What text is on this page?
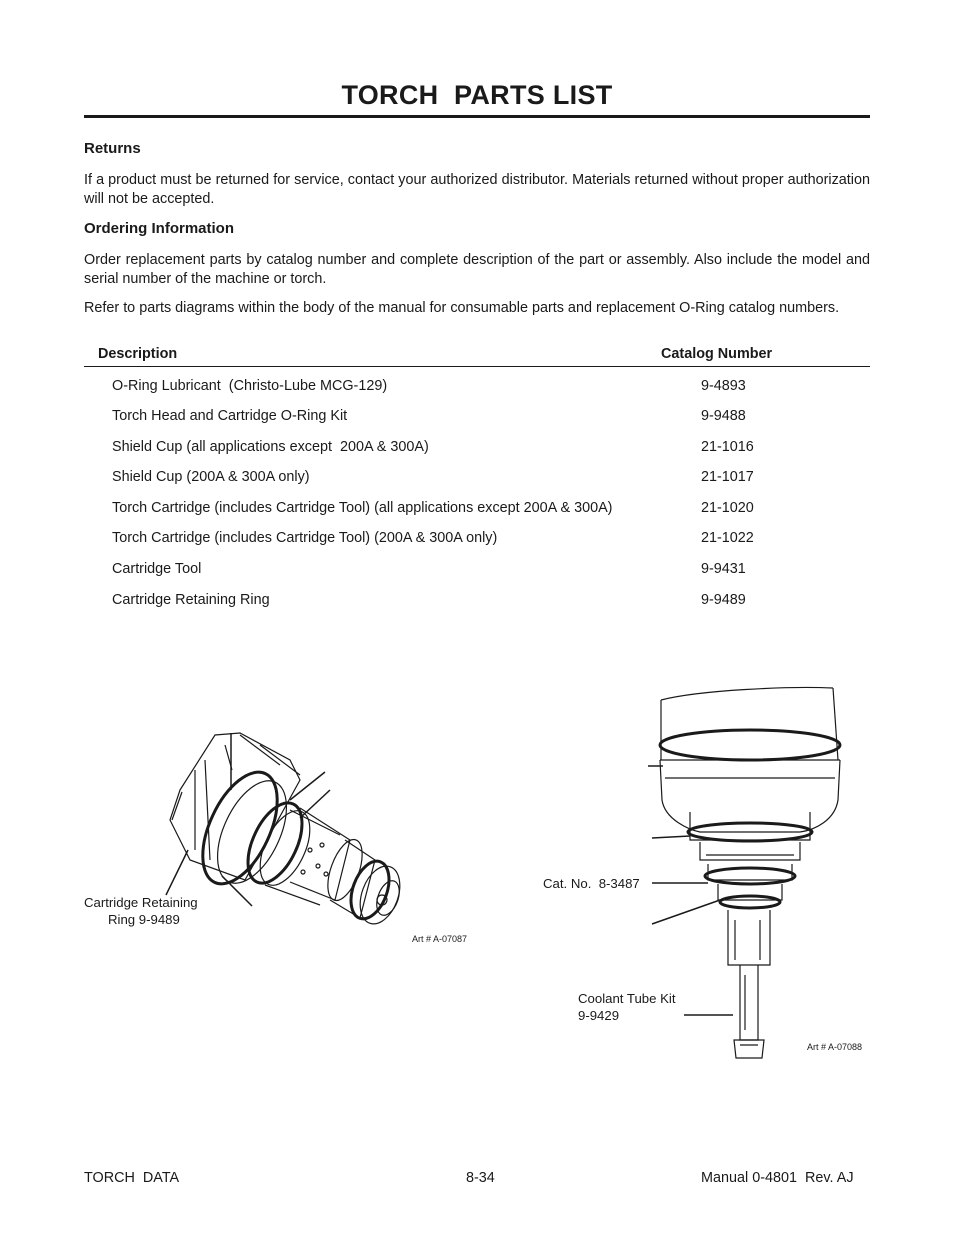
TORCH  PARTS LIST
Returns
If a product must be returned for service, contact your authorized distributor. Materials returned without proper authorization will not be accepted.
Ordering Information
Order replacement parts by catalog number and complete description of the part or assembly. Also include the model and serial number of the machine or torch.
Refer to parts diagrams within the body of the manual for consumable parts and replacement O-Ring catalog numbers.
Description	Catalog Number
O-Ring Lubricant  (Christo-Lube MCG-129)	9-4893
Torch Head and Cartridge O-Ring Kit	9-9488
Shield Cup (all applications except  200A & 300A)	21-1016
Shield Cup (200A & 300A only)	21-1017
Torch Cartridge (includes Cartridge Tool) (all applications except 200A & 300A)	21-1020
Torch Cartridge (includes Cartridge Tool) (200A & 300A only)	21-1022
Cartridge Tool	9-9431
Cartridge Retaining Ring	9-9489
Cartridge Retaining
Ring 9-9489
Art # A-07087
Cat. No.  8-3487
Coolant Tube Kit
9-9429
Art # A-07088
TORCH  DATA	8-34	Manual 0-4801  Rev. AJ
